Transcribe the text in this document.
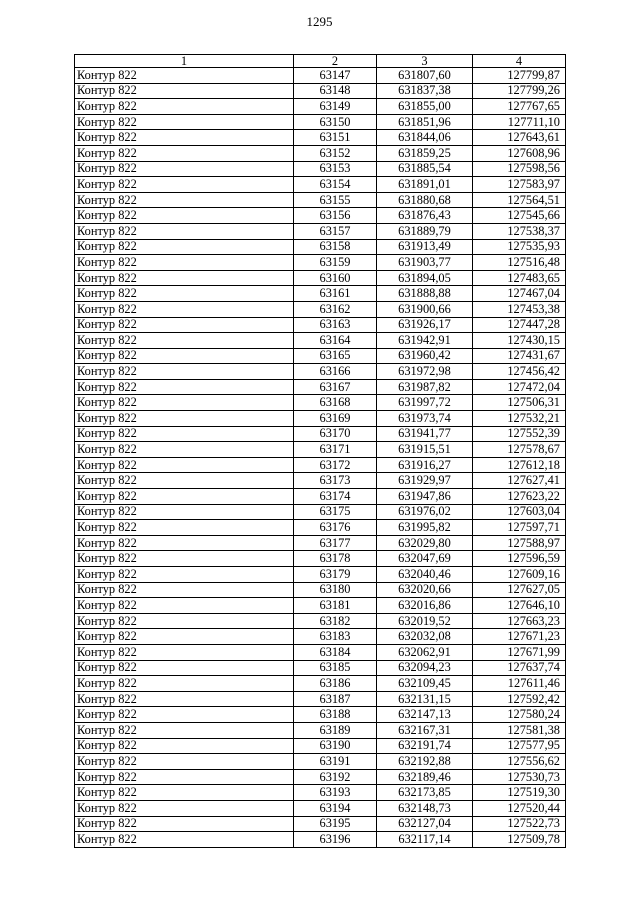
1295
1	2	3	4
Контур 822	63147	631807,60	127799,87
Контур 822	63148	631837,38	127799,26
Контур 822	63149	631855,00	127767,65
Контур 822	63150	631851,96	127711,10
Контур 822	63151	631844,06	127643,61
Контур 822	63152	631859,25	127608,96
Контур 822	63153	631885,54	127598,56
Контур 822	63154	631891,01	127583,97
Контур 822	63155	631880,68	127564,51
Контур 822	63156	631876,43	127545,66
Контур 822	63157	631889,79	127538,37
Контур 822	63158	631913,49	127535,93
Контур 822	63159	631903,77	127516,48
Контур 822	63160	631894,05	127483,65
Контур 822	63161	631888,88	127467,04
Контур 822	63162	631900,66	127453,38
Контур 822	63163	631926,17	127447,28
Контур 822	63164	631942,91	127430,15
Контур 822	63165	631960,42	127431,67
Контур 822	63166	631972,98	127456,42
Контур 822	63167	631987,82	127472,04
Контур 822	63168	631997,72	127506,31
Контур 822	63169	631973,74	127532,21
Контур 822	63170	631941,77	127552,39
Контур 822	63171	631915,51	127578,67
Контур 822	63172	631916,27	127612,18
Контур 822	63173	631929,97	127627,41
Контур 822	63174	631947,86	127623,22
Контур 822	63175	631976,02	127603,04
Контур 822	63176	631995,82	127597,71
Контур 822	63177	632029,80	127588,97
Контур 822	63178	632047,69	127596,59
Контур 822	63179	632040,46	127609,16
Контур 822	63180	632020,66	127627,05
Контур 822	63181	632016,86	127646,10
Контур 822	63182	632019,52	127663,23
Контур 822	63183	632032,08	127671,23
Контур 822	63184	632062,91	127671,99
Контур 822	63185	632094,23	127637,74
Контур 822	63186	632109,45	127611,46
Контур 822	63187	632131,15	127592,42
Контур 822	63188	632147,13	127580,24
Контур 822	63189	632167,31	127581,38
Контур 822	63190	632191,74	127577,95
Контур 822	63191	632192,88	127556,62
Контур 822	63192	632189,46	127530,73
Контур 822	63193	632173,85	127519,30
Контур 822	63194	632148,73	127520,44
Контур 822	63195	632127,04	127522,73
Контур 822	63196	632117,14	127509,78
